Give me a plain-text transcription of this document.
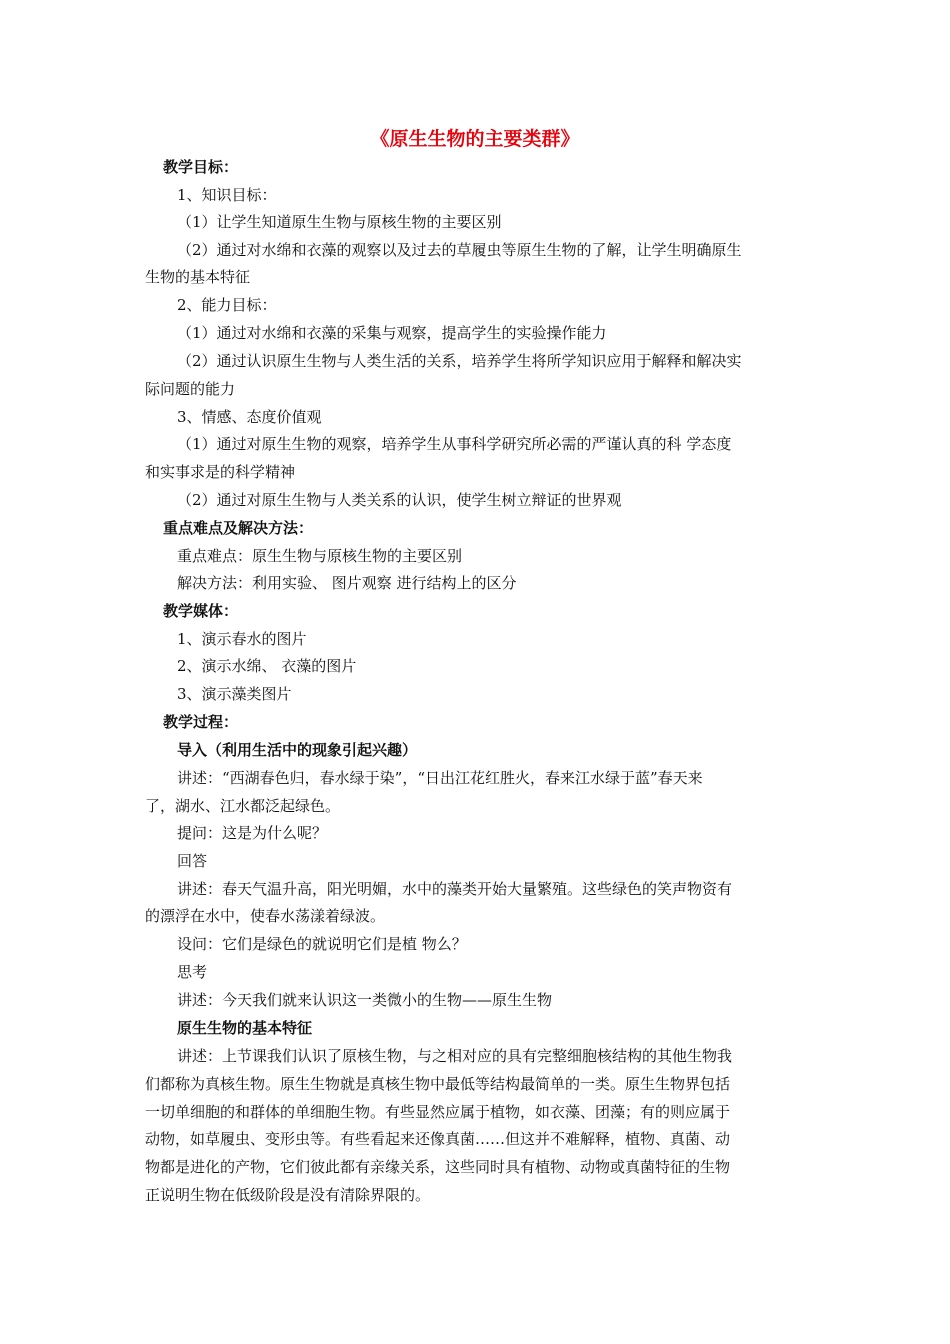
《原生生物的主要类群》
教学目标：
1、知识目标：
（1）让学生知道原生生物与原核生物的主要区别
（2）通过对水绵和衣藻的观察以及过去的草履虫等原生生物的了解，让学生明确原生
生物的基本特征
2、能力目标：
（1）通过对水绵和衣藻的采集与观察，提高学生的实验操作能力
（2）通过认识原生生物与人类生活的关系，培养学生将所学知识应用于解释和解决实
际问题的能力
3、情感、态度价值观
（1）通过对原生生物的观察，培养学生从事科学研究所必需的严谨认真的科 学态度
和实事求是的科学精神
（2）通过对原生生物与人类关系的认识，使学生树立辩证的世界观
重点难点及解决方法：
重点难点：原生生物与原核生物的主要区别
解决方法：利用实验、 图片观察 进行结构上的区分
教学媒体：
1、演示春水的图片
2、演示水绵、 衣藻的图片
3、演示藻类图片
教学过程：
导入（利用生活中的现象引起兴趣）
讲述：“西湖春色归，春水绿于染”，“日出江花红胜火，春来江水绿于蓝”春天来
了，湖水、江水都泛起绿色。
提问：这是为什么呢？
回答
讲述：春天气温升高，阳光明媚，水中的藻类开始大量繁殖。这些绿色的笑声物资有
的漂浮在水中，使春水荡漾着绿波。
设问：它们是绿色的就说明它们是植 物么？
思考
讲述：今天我们就来认识这一类微小的生物——原生生物
原生生物的基本特征
讲述：上节课我们认识了原核生物，与之相对应的具有完整细胞核结构的其他生物我
们都称为真核生物。原生生物就是真核生物中最低等结构最简单的一类。原生生物界包括
一切单细胞的和群体的单细胞生物。有些显然应属于植物，如衣藻、团藻；有的则应属于
动物，如草履虫、变形虫等。有些看起来还像真菌……但这并不难解释，植物、真菌、动
物都是进化的产物，它们彼此都有亲缘关系，这些同时具有植物、动物或真菌特征的生物
正说明生物在低级阶段是没有清除界限的。
